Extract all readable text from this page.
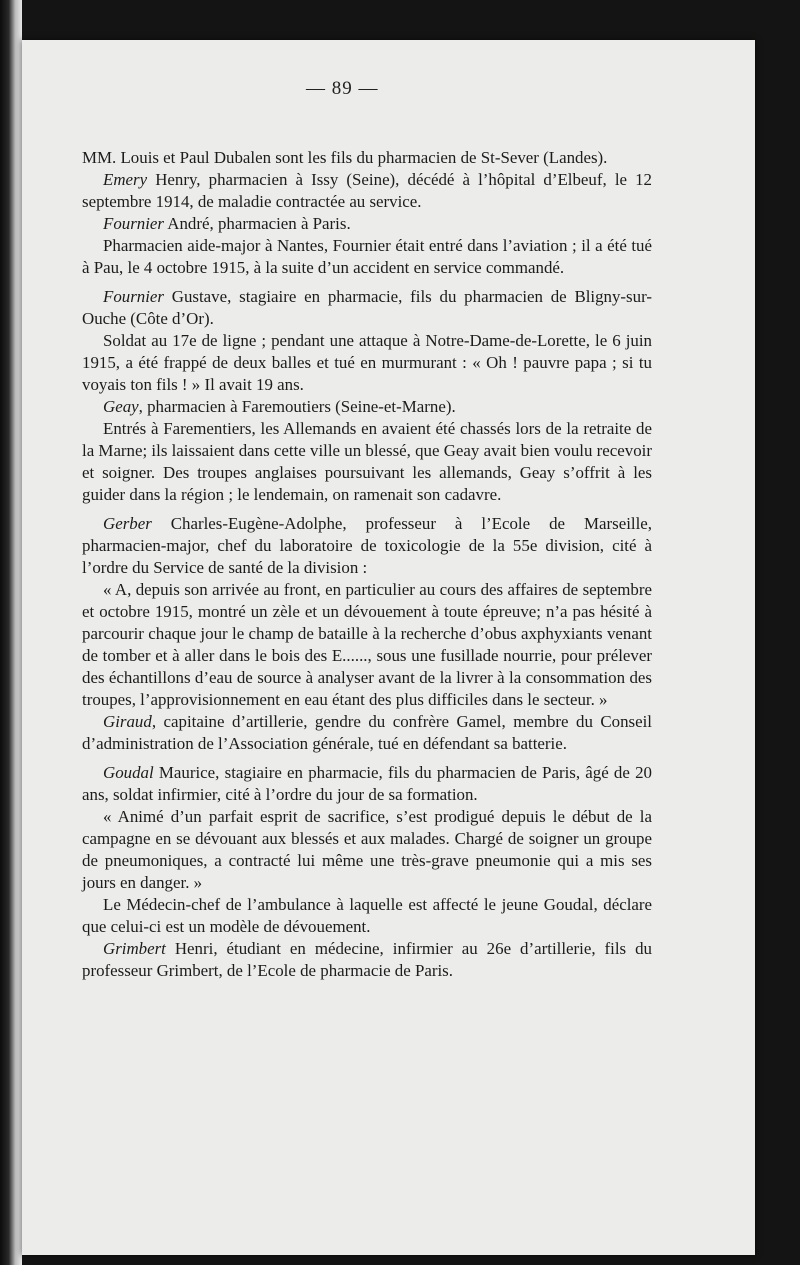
— 89 —

MM. Louis et Paul Dubalen sont les fils du pharmacien de St-Sever (Landes).

Emery Henry, pharmacien à Issy (Seine), décédé à l’hôpital d’Elbeuf, le 12 septembre 1914, de maladie contractée au service.

Fournier André, pharmacien à Paris.

Pharmacien aide-major à Nantes, Fournier était entré dans l’aviation ; il a été tué à Pau, le 4 octobre 1915, à la suite d’un accident en service commandé.

Fournier Gustave, stagiaire en pharmacie, fils du pharmacien de Bligny-sur-Ouche (Côte d’Or).

Soldat au 17e de ligne ; pendant une attaque à Notre-Dame-de-Lorette, le 6 juin 1915, a été frappé de deux balles et tué en murmurant : « Oh ! pauvre papa ; si tu voyais ton fils ! » Il avait 19 ans.

Geay, pharmacien à Faremoutiers (Seine-et-Marne).

Entrés à Farementiers, les Allemands en avaient été chassés lors de la retraite de la Marne; ils laissaient dans cette ville un blessé, que Geay avait bien voulu recevoir et soigner. Des troupes anglaises poursuivant les allemands, Geay s’offrit à les guider dans la région ; le lendemain, on ramenait son cadavre.

Gerber Charles-Eugène-Adolphe, professeur à l’Ecole de Marseille, pharmacien-major, chef du laboratoire de toxicologie de la 55e division, cité à l’ordre du Service de santé de la division :

« A, depuis son arrivée au front, en particulier au cours des affaires de septembre et octobre 1915, montré un zèle et un dévouement à toute épreuve; n’a pas hésité à parcourir chaque jour le champ de bataille à la recherche d’obus axphyxiants venant de tomber et à aller dans le bois des E......, sous une fusillade nourrie, pour prélever des échantillons d’eau de source à analyser avant de la livrer à la consommation des troupes, l’approvisionnement en eau étant des plus difficiles dans le secteur. »

Giraud, capitaine d’artillerie, gendre du confrère Gamel, membre du Conseil d’administration de l’Association générale, tué en défendant sa batterie.

Goudal Maurice, stagiaire en pharmacie, fils du pharmacien de Paris, âgé de 20 ans, soldat infirmier, cité à l’ordre du jour de sa formation.

« Animé d’un parfait esprit de sacrifice, s’est prodigué depuis le début de la campagne en se dévouant aux blessés et aux malades. Chargé de soigner un groupe de pneumoniques, a contracté lui même une très-grave pneumonie qui a mis ses jours en danger. »

Le Médecin-chef de l’ambulance à laquelle est affecté le jeune Goudal, déclare que celui-ci est un modèle de dévouement.

Grimbert Henri, étudiant en médecine, infirmier au 26e d’artillerie, fils du professeur Grimbert, de l’Ecole de pharmacie de Paris.
